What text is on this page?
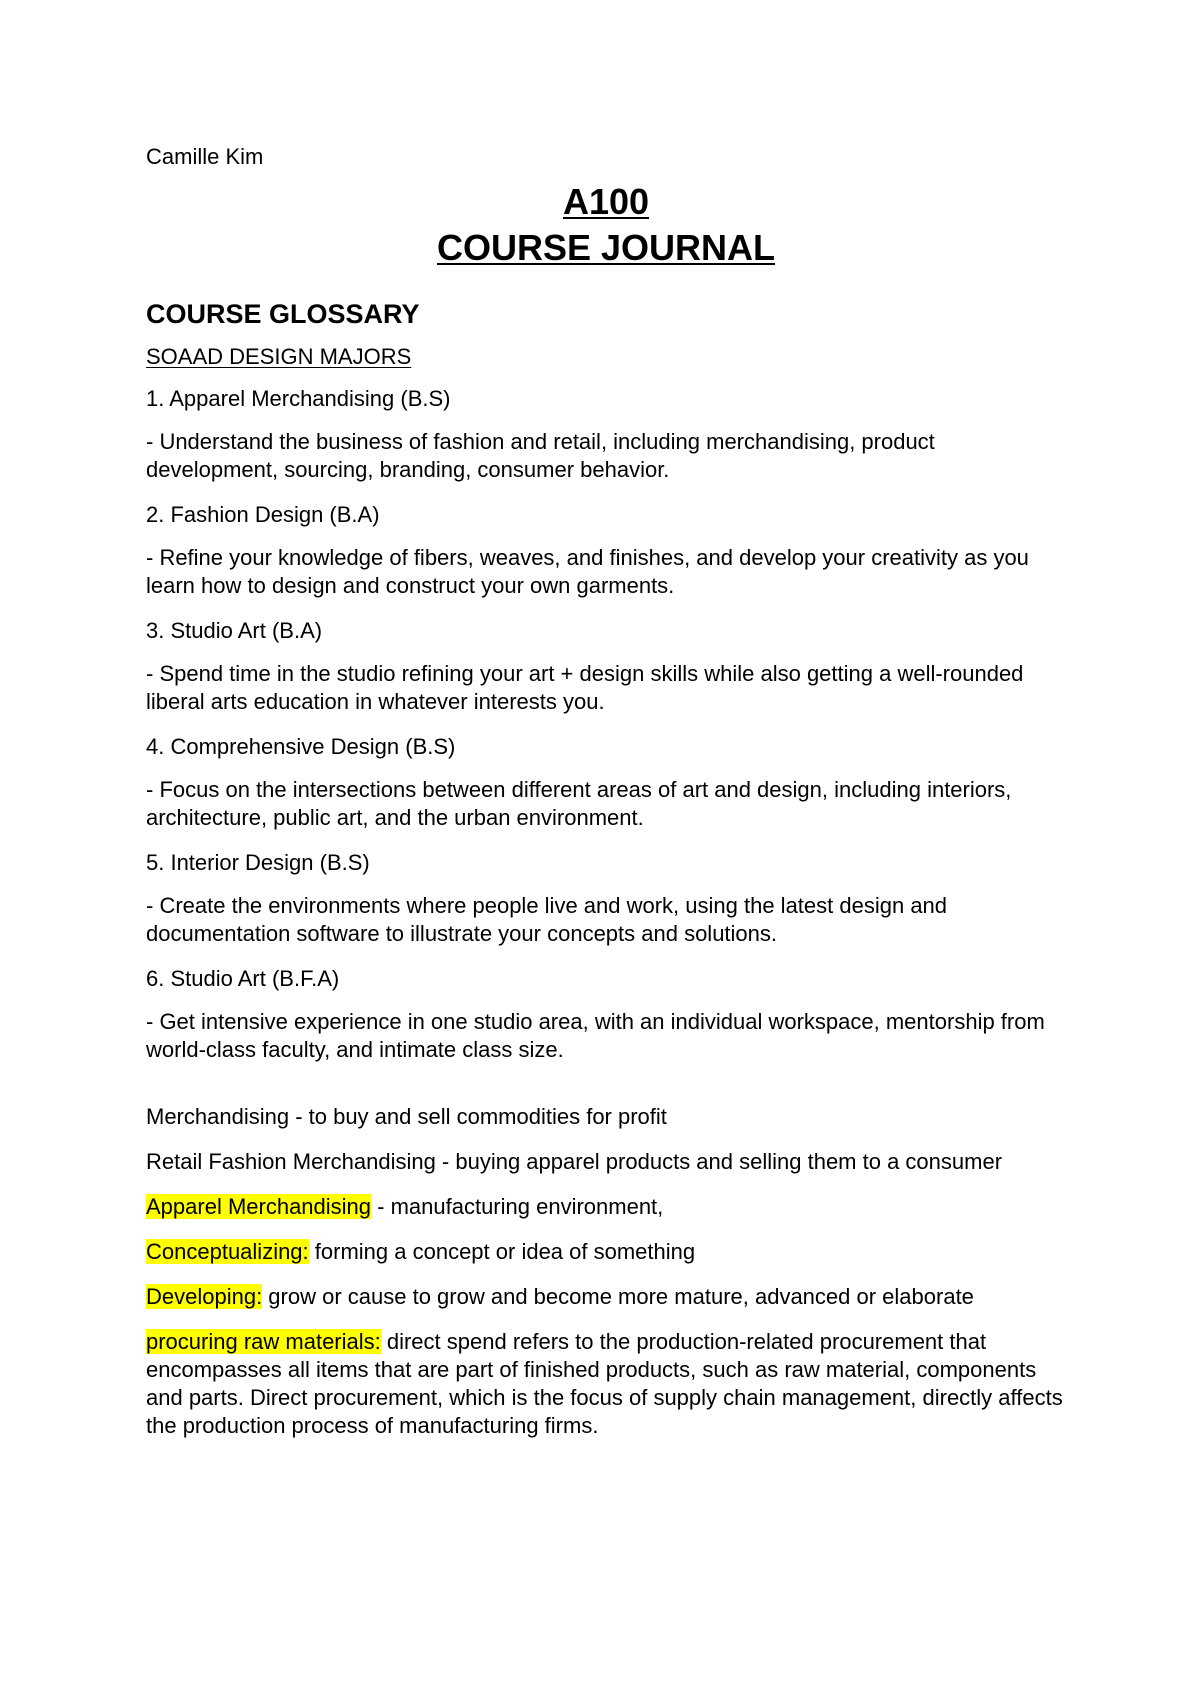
Camille Kim

A100
COURSE JOURNAL
COURSE GLOSSARY

SOAAD DESIGN MAJORS

1. Apparel Merchandising (B.S)

- Understand the business of fashion and retail, including merchandising, product development, sourcing, branding, consumer behavior.

2. Fashion Design (B.A)

- Refine your knowledge of fibers, weaves, and finishes, and develop your creativity as you learn how to design and construct your own garments.

3. Studio Art (B.A)

- Spend time in the studio refining your art + design skills while also getting a well-rounded liberal arts education in whatever interests you.

4. Comprehensive Design (B.S)

- Focus on the intersections between different areas of art and design, including interiors, architecture, public art, and the urban environment.

5. Interior Design (B.S)

- Create the environments where people live and work, using the latest design and documentation software to illustrate your concepts and solutions.

6. Studio Art (B.F.A)

- Get intensive experience in one studio area, with an individual workspace, mentorship from world-class faculty, and intimate class size.

Merchandising - to buy and sell commodities for profit

Retail Fashion Merchandising - buying apparel products and selling them to a consumer

Apparel Merchandising - manufacturing environment,

Conceptualizing: forming a concept or idea of something

Developing: grow or cause to grow and become more mature, advanced or elaborate

procuring raw materials: direct spend refers to the production-related procurement that encompasses all items that are part of finished products, such as raw material, components and parts. Direct procurement, which is the focus of supply chain management, directly affects the production process of manufacturing firms.
